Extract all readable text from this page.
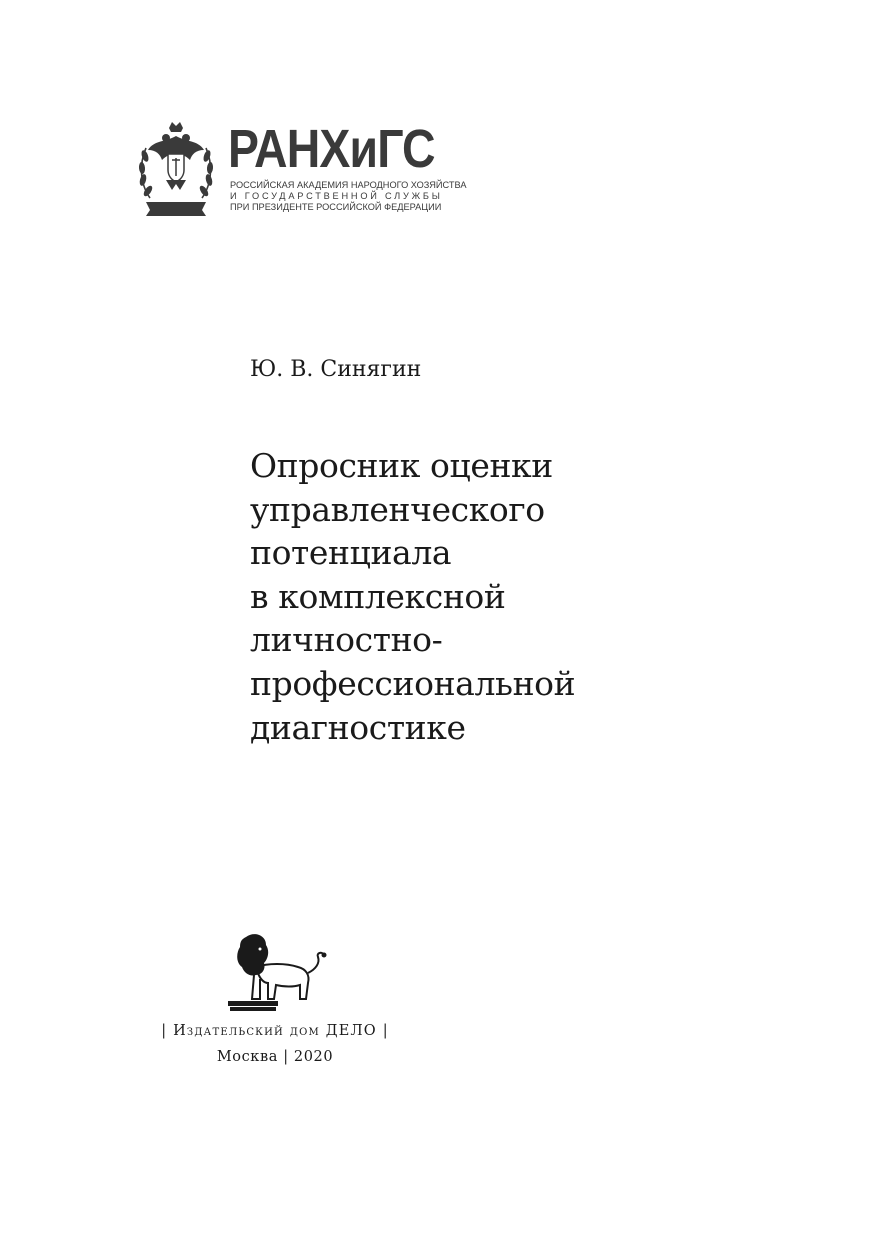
РАНХиГС
РОССИЙСКАЯ АКАДЕМИЯ НАРОДНОГО ХОЗЯЙСТВА
И ГОСУДАРСТВЕННОЙ СЛУЖБЫ
ПРИ ПРЕЗИДЕНТЕ РОССИЙСКОЙ ФЕДЕРАЦИИ
Ю. В. Синягин
Опросник оценки
управленческого
потенциала
в комплексной
личностно-
профессиональной
диагностике
| Издательский дом ДЕЛО |
Москва | 2020
